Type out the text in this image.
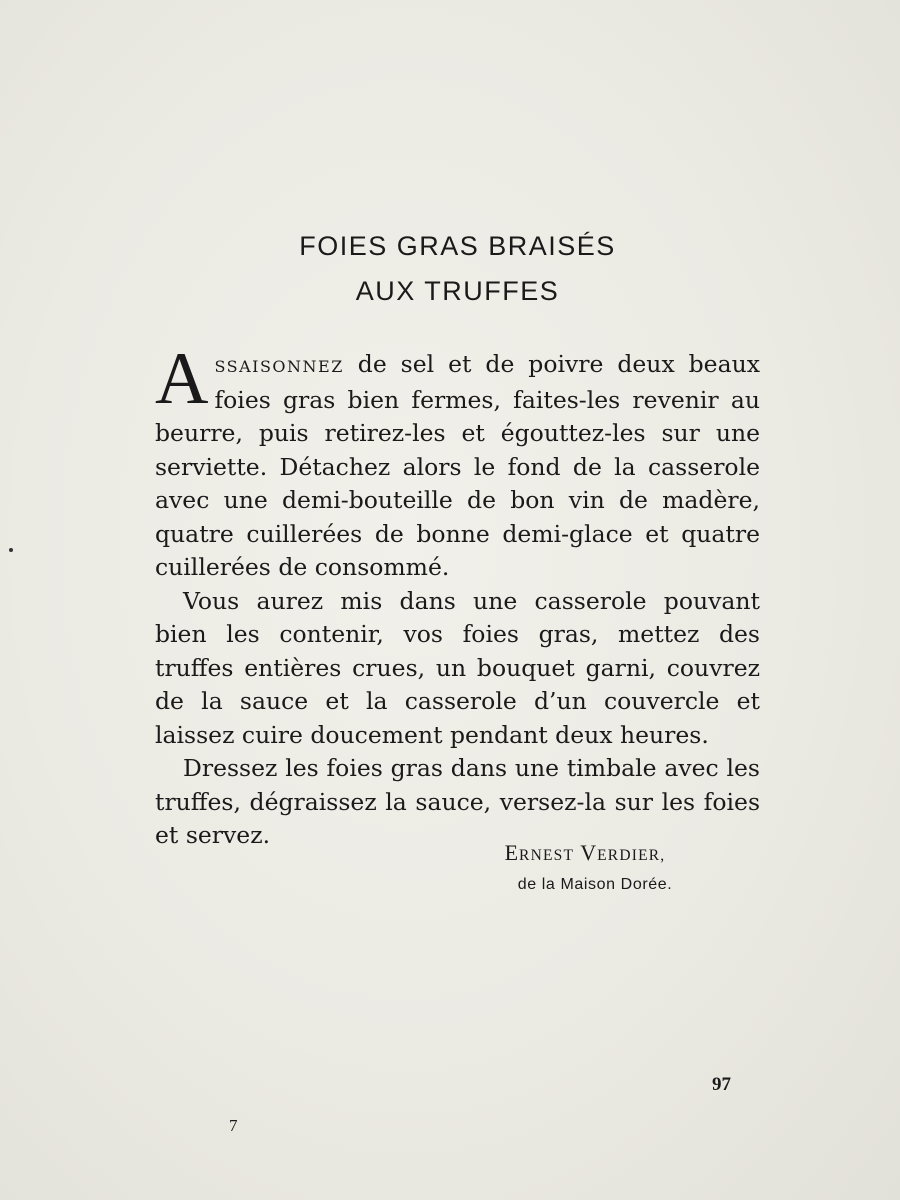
FOIES GRAS BRAISÉS
AUX TRUFFES

ASSAISONNEZ de sel et de poivre deux beaux foies gras bien fermes, faites-les revenir au beurre, puis retirez-les et égouttez-les sur une serviette. Détachez alors le fond de la casserole avec une demi-bouteille de bon vin de madère, quatre cuillerées de bonne demi-glace et quatre cuillerées de consommé.

Vous aurez mis dans une casserole pouvant bien les contenir, vos foies gras, mettez des truffes entières crues, un bouquet garni, couvrez de la sauce et la casserole d’un couvercle et laissez cuire doucement pendant deux heures.

Dressez les foies gras dans une timbale avec les truffes, dégraissez la sauce, versez-la sur les foies et servez.

ERNEST VERDIER,
de la Maison Dorée.
97
7
